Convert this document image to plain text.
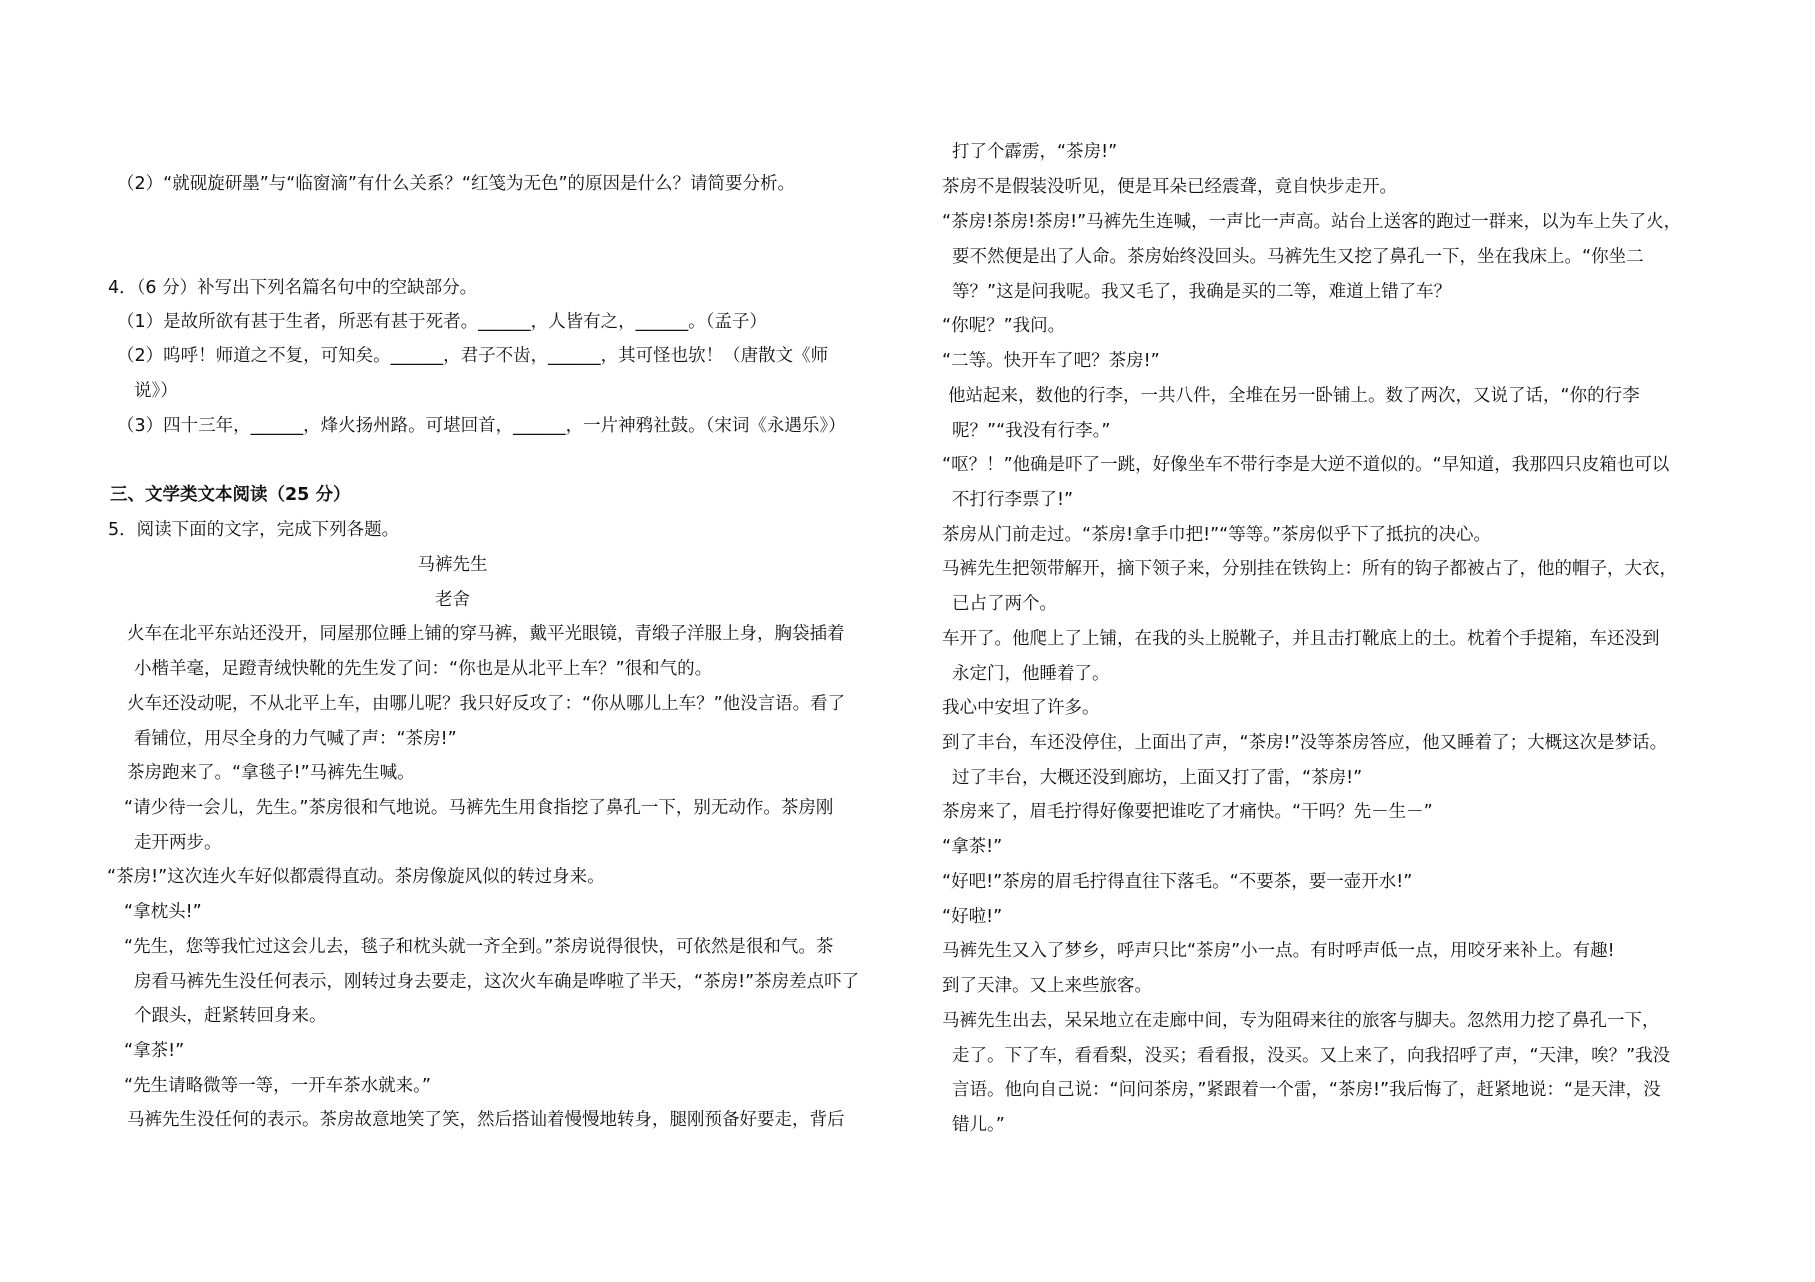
（2）“就砚旋研墨”与“临窗滴”有什么关系？“红笺为无色”的原因是什么？请简要分析。
4．（6 分）补写出下列名篇名句中的空缺部分。
（1）是故所欲有甚于生者，所恶有甚于死者。______，人皆有之，______。（孟子）
（2）呜呼！师道之不复，可知矣。______，君子不齿，______，其可怪也欤！（唐散文《师
说》）
（3）四十三年，______，烽火扬州路。可堪回首，______，一片神鸦社鼓。（宋词《永遇乐》）
三、文学类文本阅读（25 分）
5．阅读下面的文字，完成下列各题。
马裤先生
老舍
火车在北平东站还没开，同屋那位睡上铺的穿马裤，戴平光眼镜，青缎子洋服上身，胸袋插着
小楷羊毫，足蹬青绒快靴的先生发了问：“你也是从北平上车？”很和气的。
火车还没动呢，不从北平上车，由哪儿呢？我只好反攻了：“你从哪儿上车？”他没言语。看了
看铺位，用尽全身的力气喊了声：“茶房!”
茶房跑来了。“拿毯子!”马裤先生喊。
“请少待一会儿，先生。”茶房很和气地说。马裤先生用食指挖了鼻孔一下，别无动作。茶房刚
走开两步。
“茶房!”这次连火车好似都震得直动。茶房像旋风似的转过身来。
“拿枕头!”
“先生，您等我忙过这会儿去，毯子和枕头就一齐全到。”茶房说得很快，可依然是很和气。茶
房看马裤先生没任何表示，刚转过身去要走，这次火车确是哗啦了半天，“茶房!”茶房差点吓了
个跟头，赶紧转回身来。
“拿茶!”
“先生请略微等一等，一开车茶水就来。”
马裤先生没任何的表示。茶房故意地笑了笑，然后搭讪着慢慢地转身，腿刚预备好要走，背后
打了个霹雳，“茶房!”
茶房不是假装没听见，便是耳朵已经震聋，竟自快步走开。
“茶房!茶房!茶房!”马裤先生连喊，一声比一声高。站台上送客的跑过一群来，以为车上失了火，
要不然便是出了人命。茶房始终没回头。马裤先生又挖了鼻孔一下，坐在我床上。“你坐二
等？”这是问我呢。我又毛了，我确是买的二等，难道上错了车？
“你呢？”我问。
“二等。快开车了吧？茶房!”
他站起来，数他的行李，一共八件，全堆在另一卧铺上。数了两次，又说了话，“你的行李
呢？”“我没有行李。”
“呕？！”他确是吓了一跳，好像坐车不带行李是大逆不道似的。“早知道，我那四只皮箱也可以
不打行李票了!”
茶房从门前走过。“茶房!拿手巾把!”“等等。”茶房似乎下了抵抗的决心。
马裤先生把领带解开，摘下领子来，分别挂在铁钩上：所有的钩子都被占了，他的帽子，大衣，
已占了两个。
车开了。他爬上了上铺，在我的头上脱靴子，并且击打靴底上的土。枕着个手提箱，车还没到
永定门，他睡着了。
我心中安坦了许多。
到了丰台，车还没停住，上面出了声，“茶房!”没等茶房答应，他又睡着了；大概这次是梦话。
过了丰台，大概还没到廊坊，上面又打了雷，“茶房!”
茶房来了，眉毛拧得好像要把谁吃了才痛快。“干吗？先－生－”
“拿茶!”
“好吧!”茶房的眉毛拧得直往下落毛。“不要茶，要一壶开水!”
“好啦!”
马裤先生又入了梦乡，呼声只比“茶房”小一点。有时呼声低一点，用咬牙来补上。有趣!
到了天津。又上来些旅客。
马裤先生出去，呆呆地立在走廊中间，专为阻碍来往的旅客与脚夫。忽然用力挖了鼻孔一下，
走了。下了车，看看梨，没买；看看报，没买。又上来了，向我招呼了声，“天津，唉？”我没
言语。他向自己说：“问问茶房，”紧跟着一个雷，“茶房!”我后悔了，赶紧地说：“是天津，没
错儿。”
